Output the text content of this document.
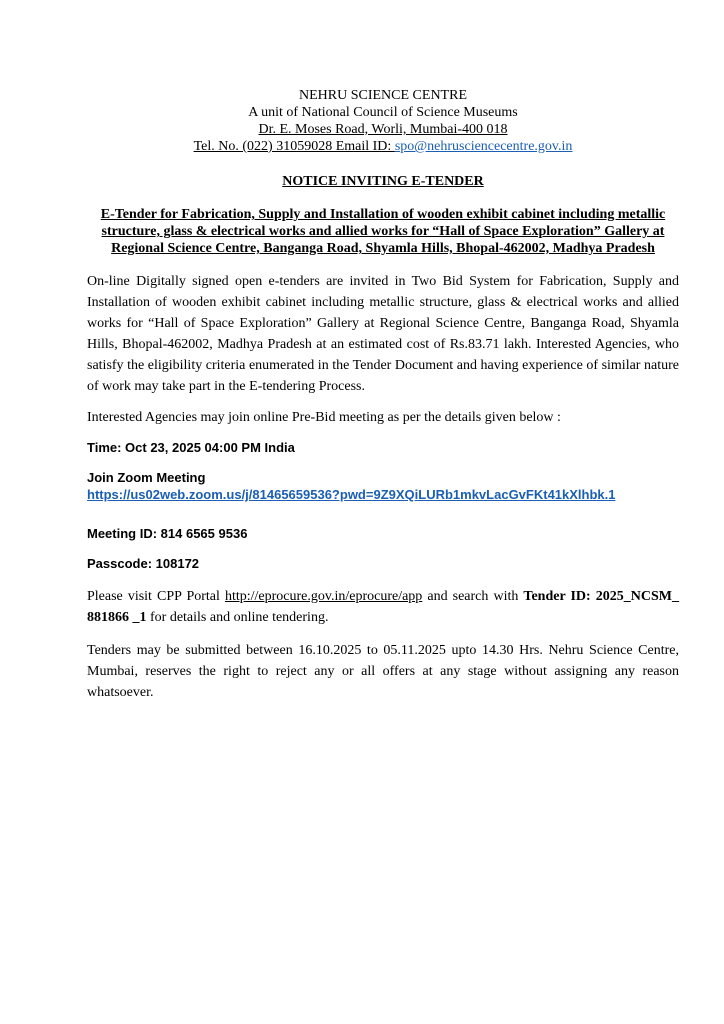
NEHRU SCIENCE CENTRE
A unit of National Council of Science Museums
Dr. E. Moses Road, Worli, Mumbai-400 018
Tel. No. (022) 31059028 Email ID: spo@nehrusciencecentre.gov.in
NOTICE INVITING E-TENDER
E-Tender for Fabrication, Supply and Installation of wooden exhibit cabinet including metallic structure, glass & electrical works and allied works for “Hall of Space Exploration” Gallery at Regional Science Centre, Banganga Road, Shyamla Hills, Bhopal-462002, Madhya Pradesh

On-line Digitally signed open e-tenders are invited in Two Bid System for Fabrication, Supply and Installation of wooden exhibit cabinet including metallic structure, glass & electrical works and allied works for “Hall of Space Exploration” Gallery at Regional Science Centre, Banganga Road, Shyamla Hills, Bhopal-462002, Madhya Pradesh at an estimated cost of Rs.83.71 lakh. Interested Agencies, who satisfy the eligibility criteria enumerated in the Tender Document and having experience of similar nature of work may take part in the E-tendering Process.

Interested Agencies may join online Pre-Bid meeting as per the details given below :

Time: Oct 23, 2025 04:00 PM India
Join Zoom Meeting
https://us02web.zoom.us/j/81465659536?pwd=9Z9XQiLURb1mkvLacGvFKt41kXlhbk.1
Meeting ID: 814 6565 9536
Passcode: 108172

Please visit CPP Portal http://eprocure.gov.in/eprocure/app and search with Tender ID: 2025_NCSM_ 881866 _1 for details and online tendering.

Tenders may be submitted between 16.10.2025 to 05.11.2025 upto 14.30 Hrs. Nehru Science Centre, Mumbai, reserves the right to reject any or all offers at any stage without assigning any reason whatsoever.
